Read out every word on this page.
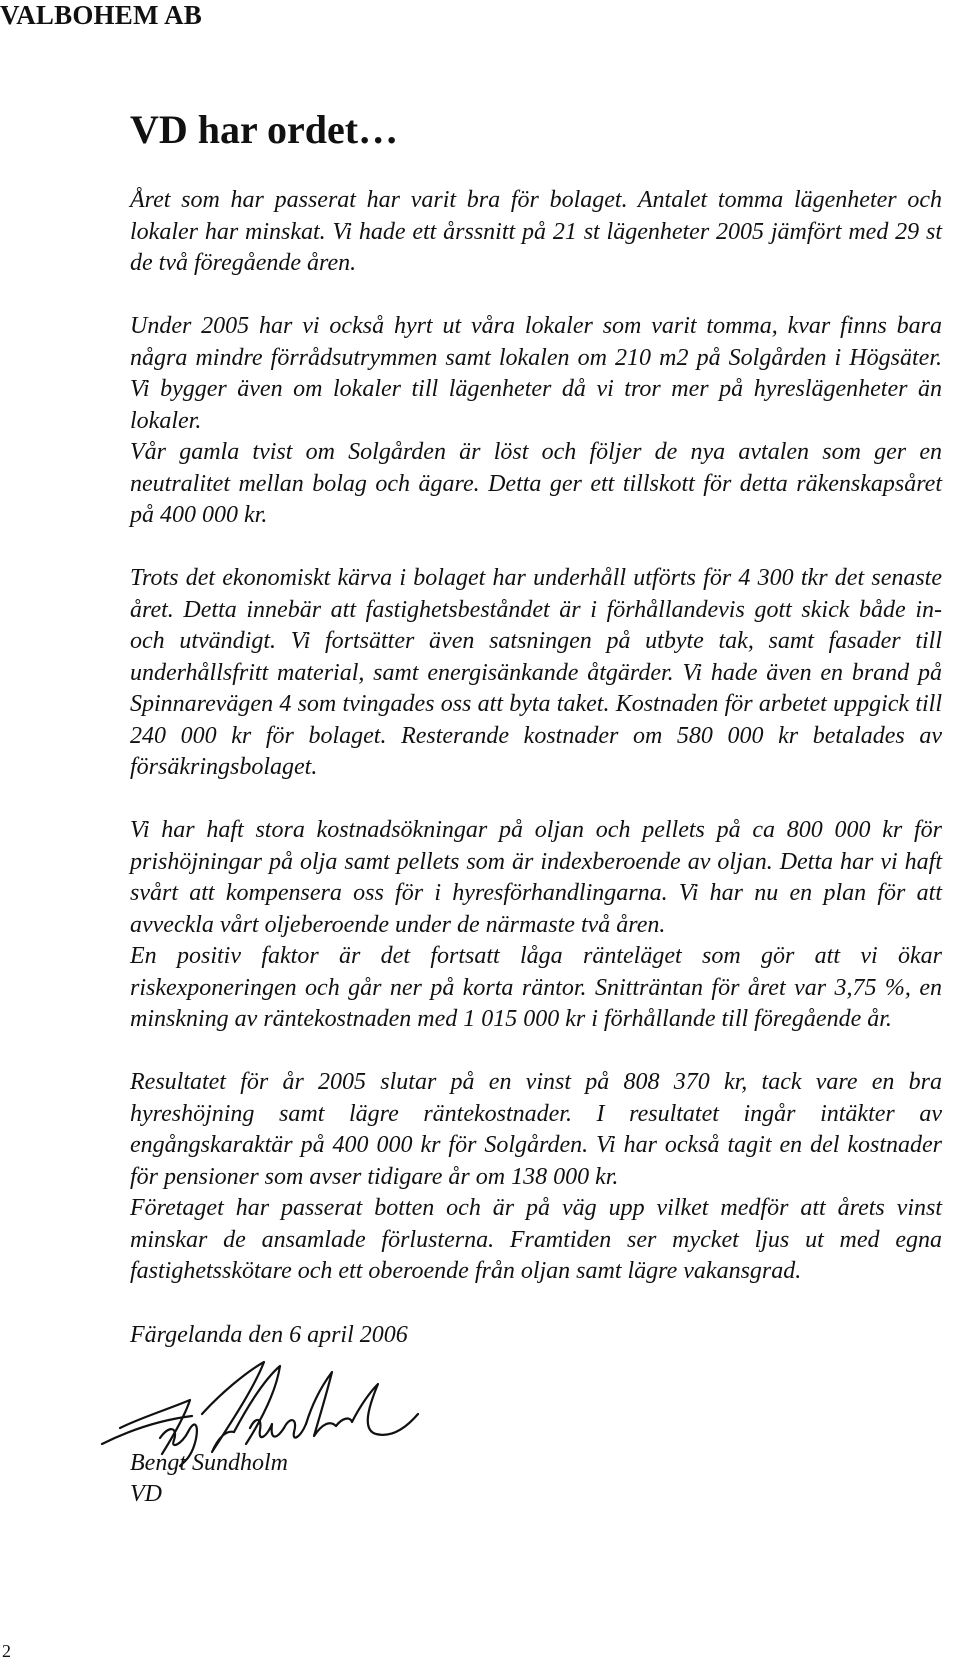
VALBOHEM AB
VD har ordet…

Året som har passerat har varit bra för bolaget. Antalet tomma lägenheter och lokaler har minskat. Vi hade ett årssnitt på 21 st lägenheter 2005 jämfört med 29 st de två föregående åren.

Under 2005 har vi också hyrt ut våra lokaler som varit tomma, kvar finns bara några mindre förrådsutrymmen samt lokalen om 210 m2 på Solgården i Högsäter. Vi bygger även om lokaler till lägenheter då vi tror mer på hyreslägenheter än lokaler.

Vår gamla tvist om Solgården är löst och följer de nya avtalen som ger en neutralitet mellan bolag och ägare. Detta ger ett tillskott för detta räkenskapsåret på 400 000 kr.

Trots det ekonomiskt kärva i bolaget har underhåll utförts för 4 300 tkr det senaste året. Detta innebär att fastighetsbeståndet är i förhållandevis gott skick både in- och utvändigt. Vi fortsätter även satsningen på utbyte tak, samt fasader till underhållsfritt material, samt energisänkande åtgärder. Vi hade även en brand på Spinnarevägen 4 som tvingades oss att byta taket. Kostnaden för arbetet uppgick till 240 000 kr för bolaget. Resterande kostnader om 580 000 kr betalades av försäkringsbolaget.

Vi har haft stora kostnadsökningar på oljan och pellets på ca 800 000 kr för prishöjningar på olja samt pellets som är indexberoende av oljan. Detta har vi haft svårt att kompensera oss för i hyresförhandlingarna. Vi har nu en plan för att avveckla vårt oljeberoende under de närmaste två åren.

En positiv faktor är det fortsatt låga ränteläget som gör att vi ökar riskexponeringen och går ner på korta räntor. Snitträntan för året var 3,75 %, en minskning av räntekostnaden med 1 015 000 kr i förhållande till föregående år.

Resultatet för år 2005 slutar på en vinst på 808 370 kr, tack vare en bra hyreshöjning samt lägre räntekostnader. I resultatet ingår intäkter av engångskaraktär på 400 000 kr för Solgården. Vi har också tagit en del kostnader för pensioner som avser tidigare år om 138 000 kr.

Företaget har passerat botten och är på väg upp vilket medför att årets vinst minskar de ansamlade förlusterna. Framtiden ser mycket ljus ut med egna fastighetsskötare och ett oberoende från oljan samt lägre vakansgrad.

Färgelanda den 6 april 2006
Bengt Sundholm
VD
2
